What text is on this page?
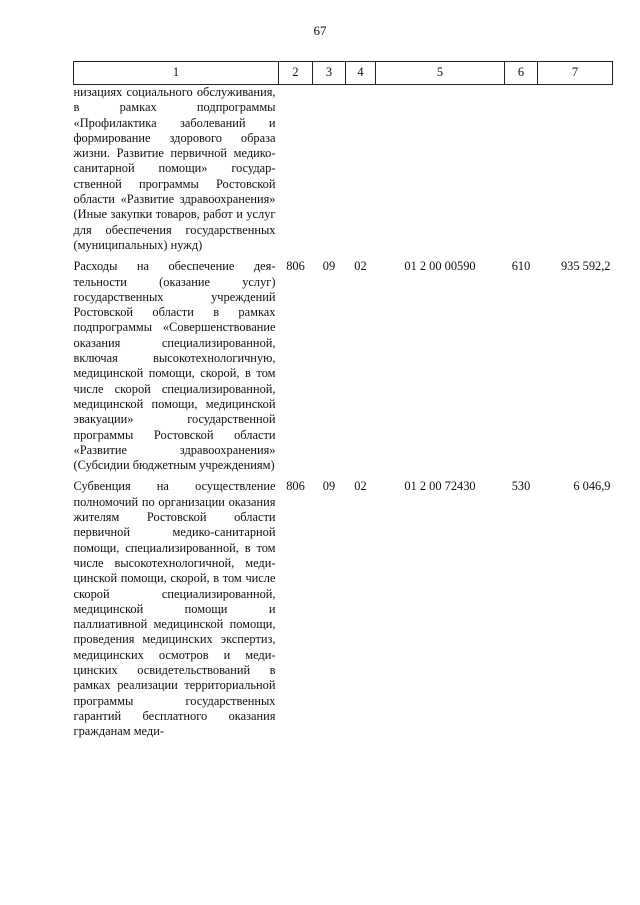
67
1	2	3	4	5	6	7
низациях социального обслуживания, в рамках подпрограммы «Профилактика заболеваний и формирование здорового образа жизни. Развитие первичной медико-санитарной помощи» государственной программы Ростовской области «Развитие здравоохранения» (Иные закупки товаров, работ и услуг для обеспечения государственных (муниципальных) нужд)						
Расходы на обеспечение деятельности (оказание услуг) государственных учреждений Ростовской области в рамках подпрограммы «Совершенствование оказания специализированной, включая высокотехнологичную, медицинской помощи, скорой, в том числе скорой специализированной, медицинской помощи, медицинской эвакуации» государственной программы Ростовской области «Развитие здравоохранения» (Субсидии бюджетным учреждениям)	806	09	02	01 2 00 00590	610	935 592,2
Субвенция на осуществление полномочий по организации оказания жителям Ростовской области первичной медико-санитарной помощи, специализированной, в том числе высокотехнологичной, медицинской помощи, скорой, в том числе скорой специализированной, медицинской помощи и паллиативной медицинской помощи, проведения медицинских экспертиз, медицинских осмотров и медицинских освидетельствований в рамках реализации территориальной программы государственных гарантий бесплатного оказания гражданам меди-	806	09	02	01 2 00 72430	530	6 046,9
